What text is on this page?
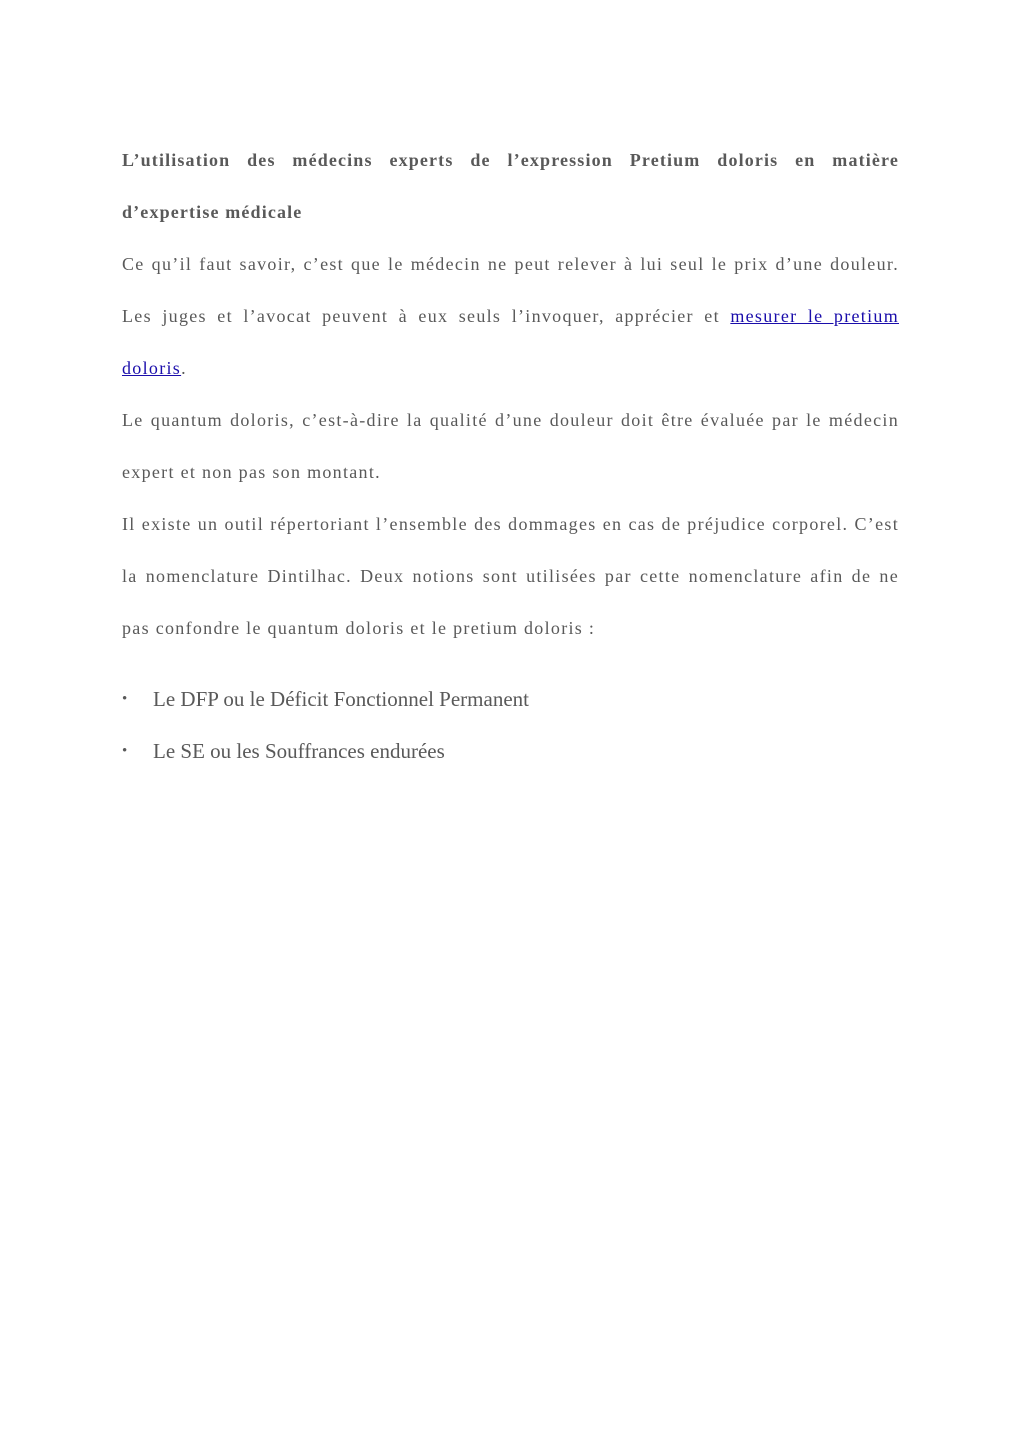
L’utilisation des médecins experts de l’expression Pretium doloris en matière d’expertise médicale

Ce qu’il faut savoir, c’est que le médecin ne peut relever à lui seul le prix d’une douleur. Les juges et l’avocat peuvent à eux seuls l’invoquer, apprécier et mesurer le pretium doloris.

Le quantum doloris, c’est-à-dire la qualité d’une douleur doit être évaluée par le médecin expert et non pas son montant.

Il existe un outil répertoriant l’ensemble des dommages en cas de préjudice corporel. C’est la nomenclature Dintilhac. Deux notions sont utilisées par cette nomenclature afin de ne pas confondre le quantum doloris et le pretium doloris :

• Le DFP ou le Déficit Fonctionnel Permanent
• Le SE ou les Souffrances endurées
